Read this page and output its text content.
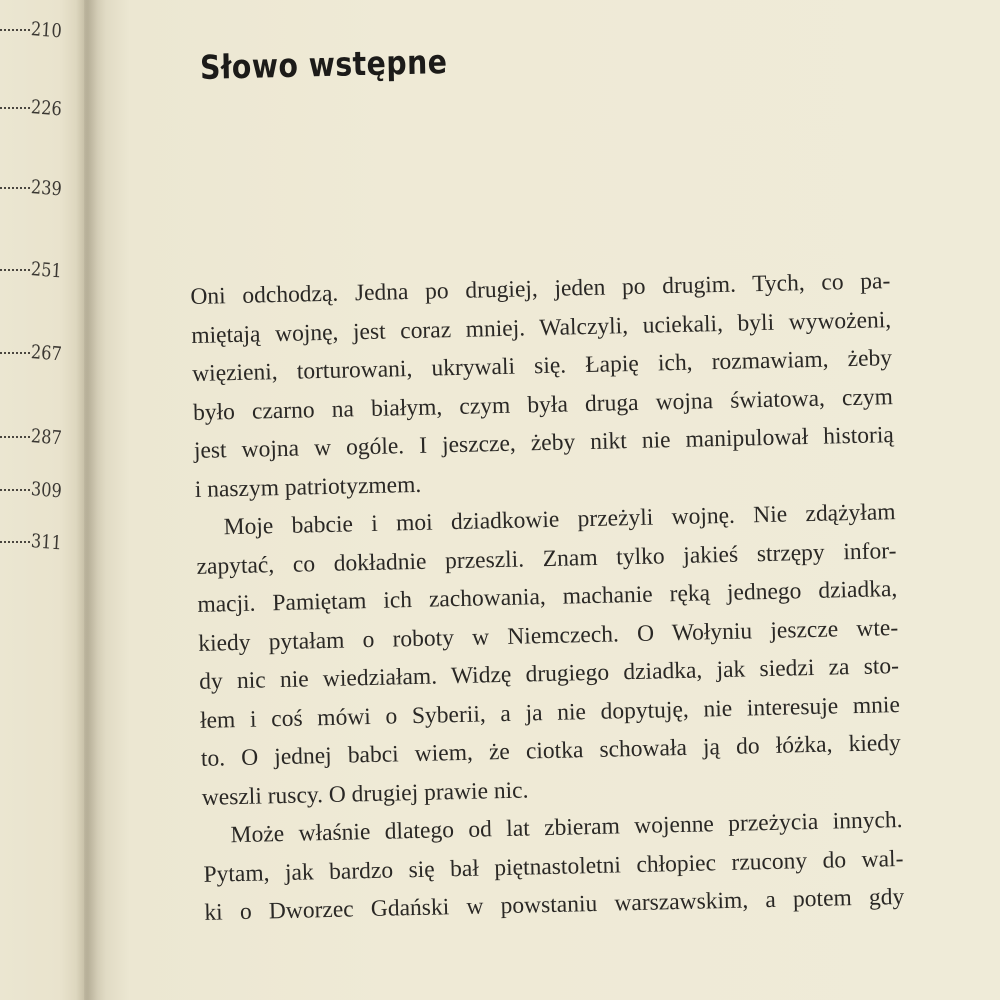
210
226
239
251
267
287
309
311
Słowo wstępne
Oni odchodzą. Jedna po drugiej, jeden po drugim. Tych, co pa-
miętają wojnę, jest coraz mniej. Walczyli, uciekali, byli wywożeni,
więzieni, torturowani, ukrywali się. Łapię ich, rozmawiam, żeby
było czarno na białym, czym była druga wojna światowa, czym
jest wojna w ogóle. I jeszcze, żeby nikt nie manipulował historią
i naszym patriotyzmem.
Moje babcie i moi dziadkowie przeżyli wojnę. Nie zdążyłam
zapytać, co dokładnie przeszli. Znam tylko jakieś strzępy infor-
macji. Pamiętam ich zachowania, machanie ręką jednego dziadka,
kiedy pytałam o roboty w Niemczech. O Wołyniu jeszcze wte-
dy nic nie wiedziałam. Widzę drugiego dziadka, jak siedzi za sto-
łem i coś mówi o Syberii, a ja nie dopytuję, nie interesuje mnie
to. O jednej babci wiem, że ciotka schowała ją do łóżka, kiedy
weszli ruscy. O drugiej prawie nic.
Może właśnie dlatego od lat zbieram wojenne przeżycia innych.
Pytam, jak bardzo się bał piętnastoletni chłopiec rzucony do wal-
ki o Dworzec Gdański w powstaniu warszawskim, a potem gdy
